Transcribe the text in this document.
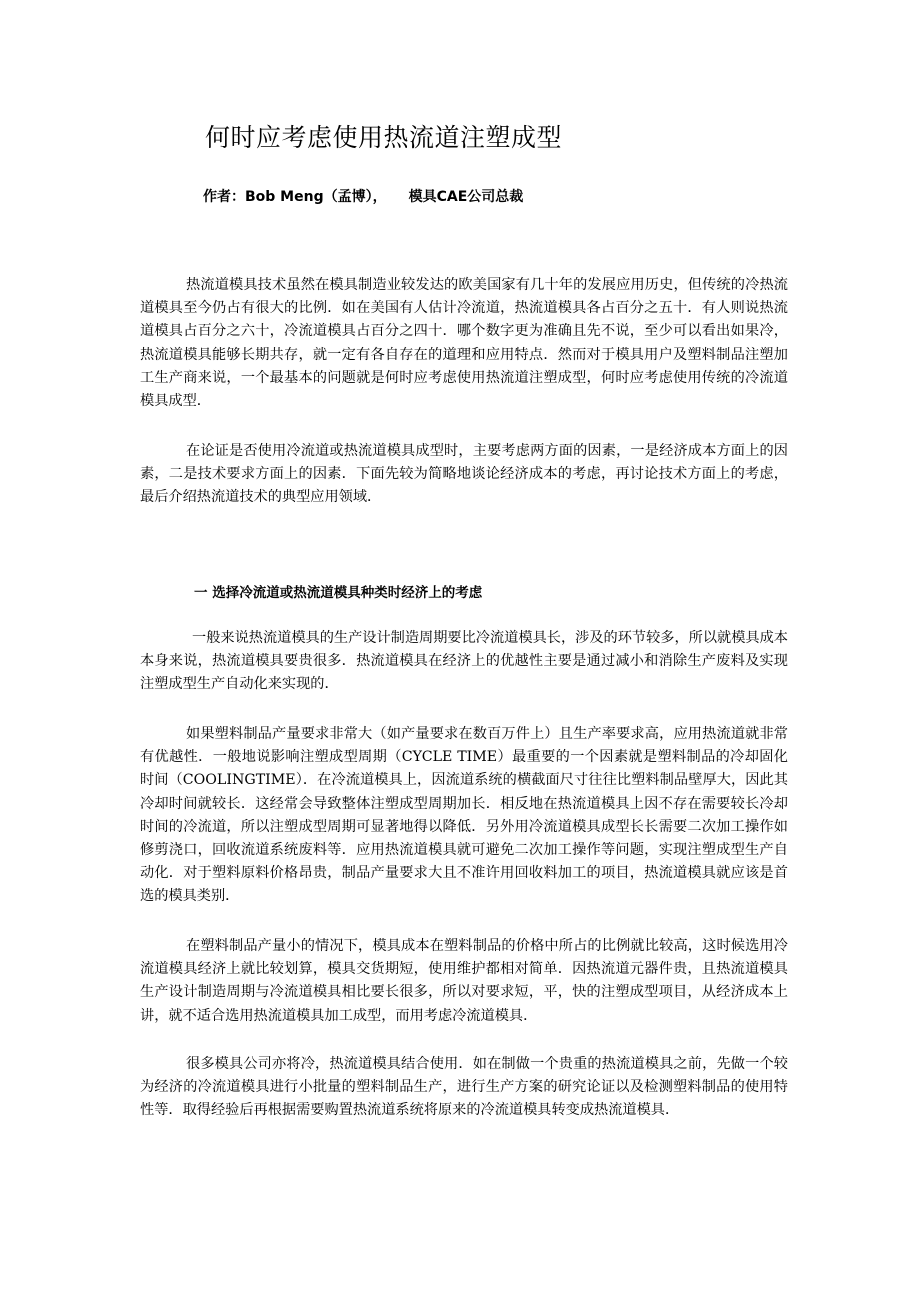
何时应考虑使用热流道注塑成型
作者：Bob Meng（孟博）， 模具CAE公司总裁

热流道模具技术虽然在模具制造业较发达的欧美国家有几十年的发展应用历史，但传统的冷热流道模具至今仍占有很大的比例．如在美国有人估计冷流道，热流道模具各占百分之五十．有人则说热流道模具占百分之六十，冷流道模具占百分之四十．哪个数字更为准确且先不说，至少可以看出如果冷，热流道模具能够长期共存，就一定有各自存在的道理和应用特点．然而对于模具用户及塑料制品注塑加工生产商来说，一个最基本的问题就是何时应考虑使用热流道注塑成型，何时应考虑使用传统的冷流道模具成型．

在论证是否使用冷流道或热流道模具成型时，主要考虑两方面的因素，一是经济成本方面上的因素，二是技术要求方面上的因素．下面先较为简略地谈论经济成本的考虑，再讨论技术方面上的考虑，最后介绍热流道技术的典型应用领域．

一 选择冷流道或热流道模具种类时经济上的考虑

一般来说热流道模具的生产设计制造周期要比冷流道模具长，涉及的环节较多，所以就模具成本本身来说，热流道模具要贵很多．热流道模具在经济上的优越性主要是通过减小和消除生产废料及实现注塑成型生产自动化来实现的．

如果塑料制品产量要求非常大（如产量要求在数百万件上）且生产率要求高，应用热流道就非常有优越性．一般地说影响注塑成型周期（CYCLE TIME）最重要的一个因素就是塑料制品的冷却固化时间（COOLINGTIME）．在冷流道模具上，因流道系统的横截面尺寸往往比塑料制品壁厚大，因此其冷却时间就较长．这经常会导致整体注塑成型周期加长．相反地在热流道模具上因不存在需要较长冷却时间的冷流道，所以注塑成型周期可显著地得以降低．另外用冷流道模具成型长长需要二次加工操作如修剪浇口，回收流道系统废料等．应用热流道模具就可避免二次加工操作等问题，实现注塑成型生产自动化．对于塑料原料价格昂贵，制品产量要求大且不准许用回收料加工的项目，热流道模具就应该是首选的模具类别．

在塑料制品产量小的情况下，模具成本在塑料制品的价格中所占的比例就比较高，这时候选用冷流道模具经济上就比较划算，模具交货期短，使用维护都相对简单．因热流道元器件贵，且热流道模具生产设计制造周期与冷流道模具相比要长很多，所以对要求短，平，快的注塑成型项目，从经济成本上讲，就不适合选用热流道模具加工成型，而用考虑冷流道模具．

很多模具公司亦将冷，热流道模具结合使用．如在制做一个贵重的热流道模具之前，先做一个较为经济的冷流道模具进行小批量的塑料制品生产，进行生产方案的研究论证以及检测塑料制品的使用特性等．取得经验后再根据需要购置热流道系统将原来的冷流道模具转变成热流道模具．
